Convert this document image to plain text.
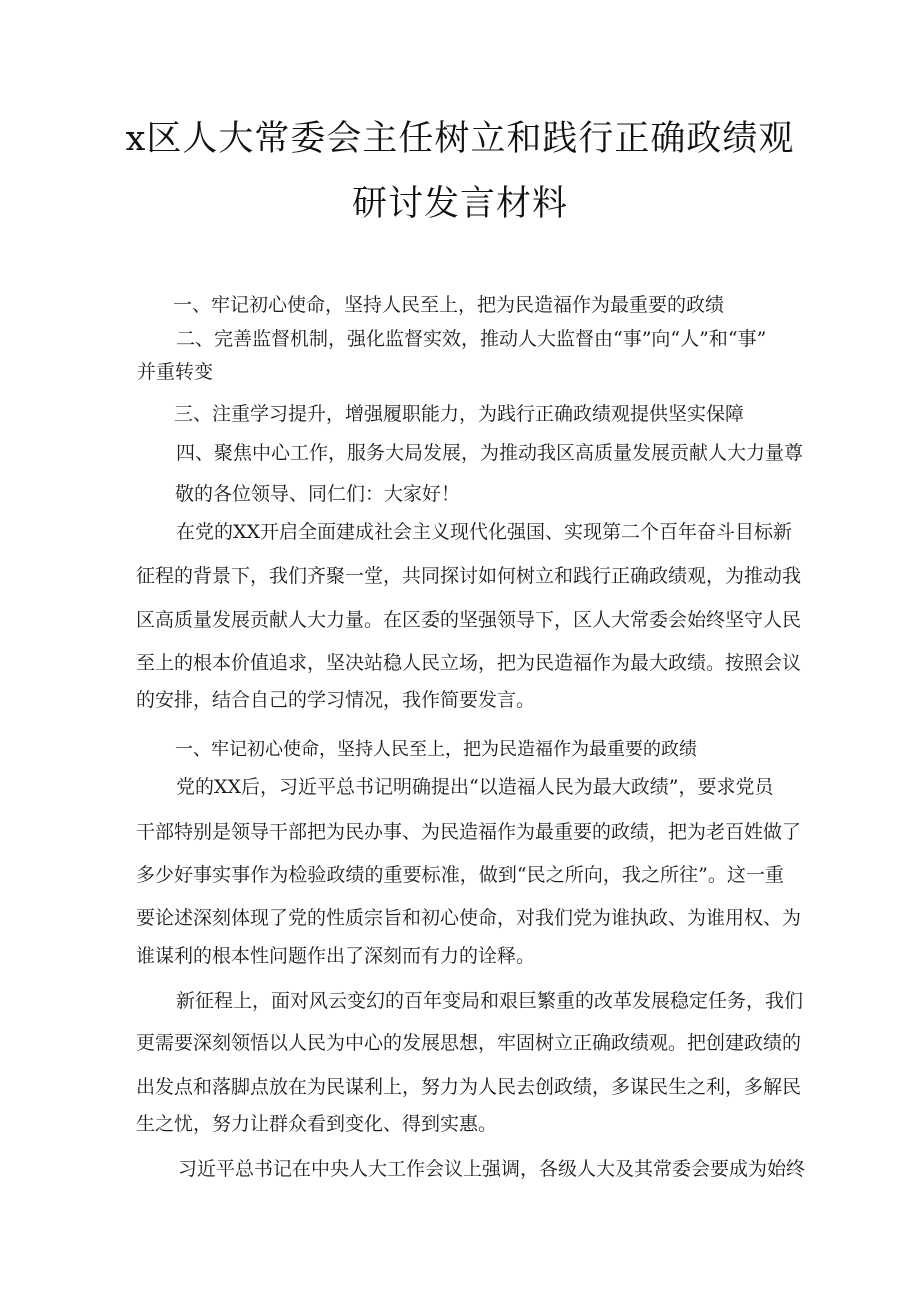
x区人大常委会主任树立和践行正确政绩观
研讨发言材料
一、牢记初心使命，坚持人民至上，把为民造福作为最重要的政绩
二、完善监督机制，强化监督实效，推动人大监督由“事”向“人”和“事”
并重转变
三、注重学习提升，增强履职能力，为践行正确政绩观提供坚实保障
四、聚焦中心工作，服务大局发展，为推动我区高质量发展贡献人大力量尊
敬的各位领导、同仁们：大家好！
在党的XX开启全面建成社会主义现代化强国、实现第二个百年奋斗目标新
征程的背景下，我们齐聚一堂，共同探讨如何树立和践行正确政绩观，为推动我
区高质量发展贡献人大力量。在区委的坚强领导下，区人大常委会始终坚守人民
至上的根本价值追求，坚决站稳人民立场，把为民造福作为最大政绩。按照会议
的安排，结合自己的学习情况，我作简要发言。
一、牢记初心使命，坚持人民至上，把为民造福作为最重要的政绩
党的XX后，习近平总书记明确提出“以造福人民为最大政绩”，要求党员
干部特别是领导干部把为民办事、为民造福作为最重要的政绩，把为老百姓做了
多少好事实事作为检验政绩的重要标准，做到“民之所向，我之所往”。这一重
要论述深刻体现了党的性质宗旨和初心使命，对我们党为谁执政、为谁用权、为
谁谋利的根本性问题作出了深刻而有力的诠释。
新征程上，面对风云变幻的百年变局和艰巨繁重的改革发展稳定任务，我们
更需要深刻领悟以人民为中心的发展思想，牢固树立正确政绩观。把创建政绩的
出发点和落脚点放在为民谋利上，努力为人民去创政绩，多谋民生之利，多解民
生之忧，努力让群众看到变化、得到实惠。
习近平总书记在中央人大工作会议上强调，各级人大及其常委会要成为始终
